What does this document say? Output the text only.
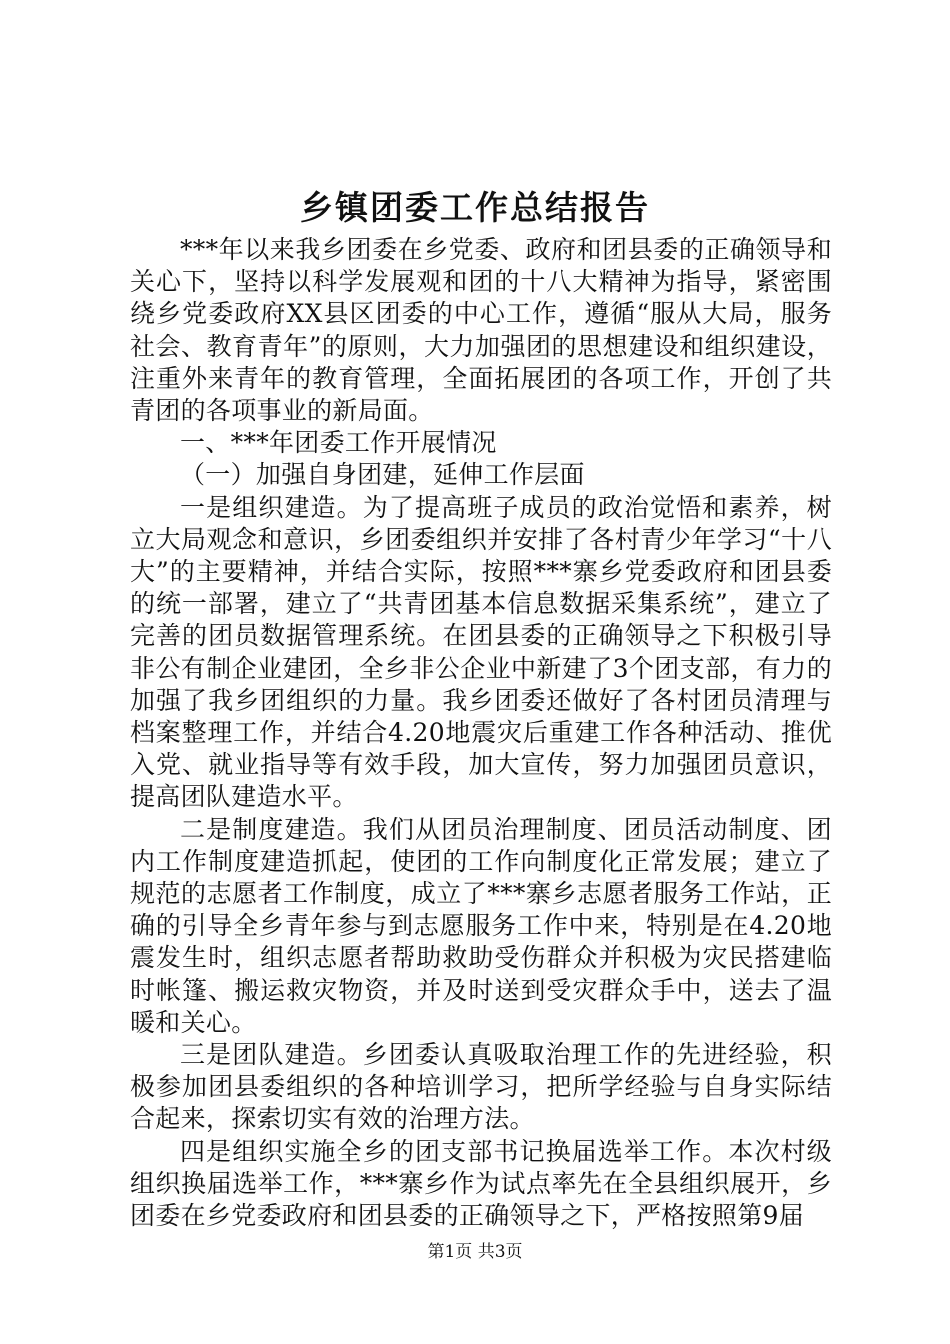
乡镇团委工作总结报告

***年以来我乡团委在乡党委、政府和团县委的正确领导和关心下，坚持以科学发展观和团的十八大精神为指导，紧密围绕乡党委政府XX县区团委的中心工作，遵循“服从大局，服务社会、教育青年”的原则，大力加强团的思想建设和组织建设，注重外来青年的教育管理，全面拓展团的各项工作，开创了共青团的各项事业的新局面。

一、***年团委工作开展情况

（一）加强自身团建，延伸工作层面

一是组织建造。为了提高班子成员的政治觉悟和素养，树立大局观念和意识，乡团委组织并安排了各村青少年学习“十八大”的主要精神，并结合实际，按照***寨乡党委政府和团县委的统一部署，建立了“共青团基本信息数据采集系统”，建立了完善的团员数据管理系统。在团县委的正确领导之下积极引导非公有制企业建团，全乡非公企业中新建了3个团支部，有力的加强了我乡团组织的力量。我乡团委还做好了各村团员清理与档案整理工作，并结合4.20地震灾后重建工作各种活动、推优入党、就业指导等有效手段，加大宣传，努力加强团员意识，提高团队建造水平。

二是制度建造。我们从团员治理制度、团员活动制度、团内工作制度建造抓起，使团的工作向制度化正常发展；建立了规范的志愿者工作制度，成立了***寨乡志愿者服务工作站，正确的引导全乡青年参与到志愿服务工作中来，特别是在4.20地震发生时，组织志愿者帮助救助受伤群众并积极为灾民搭建临时帐篷、搬运救灾物资，并及时送到受灾群众手中，送去了温暖和关心。

三是团队建造。乡团委认真吸取治理工作的先进经验，积极参加团县委组织的各种培训学习，把所学经验与自身实际结合起来，探索切实有效的治理方法。

四是组织实施全乡的团支部书记换届选举工作。本次村级组织换届选举工作，***寨乡作为试点率先在全县组织展开，乡团委在乡党委政府和团县委的正确领导之下，严格按照第9届

第1页 共3页
